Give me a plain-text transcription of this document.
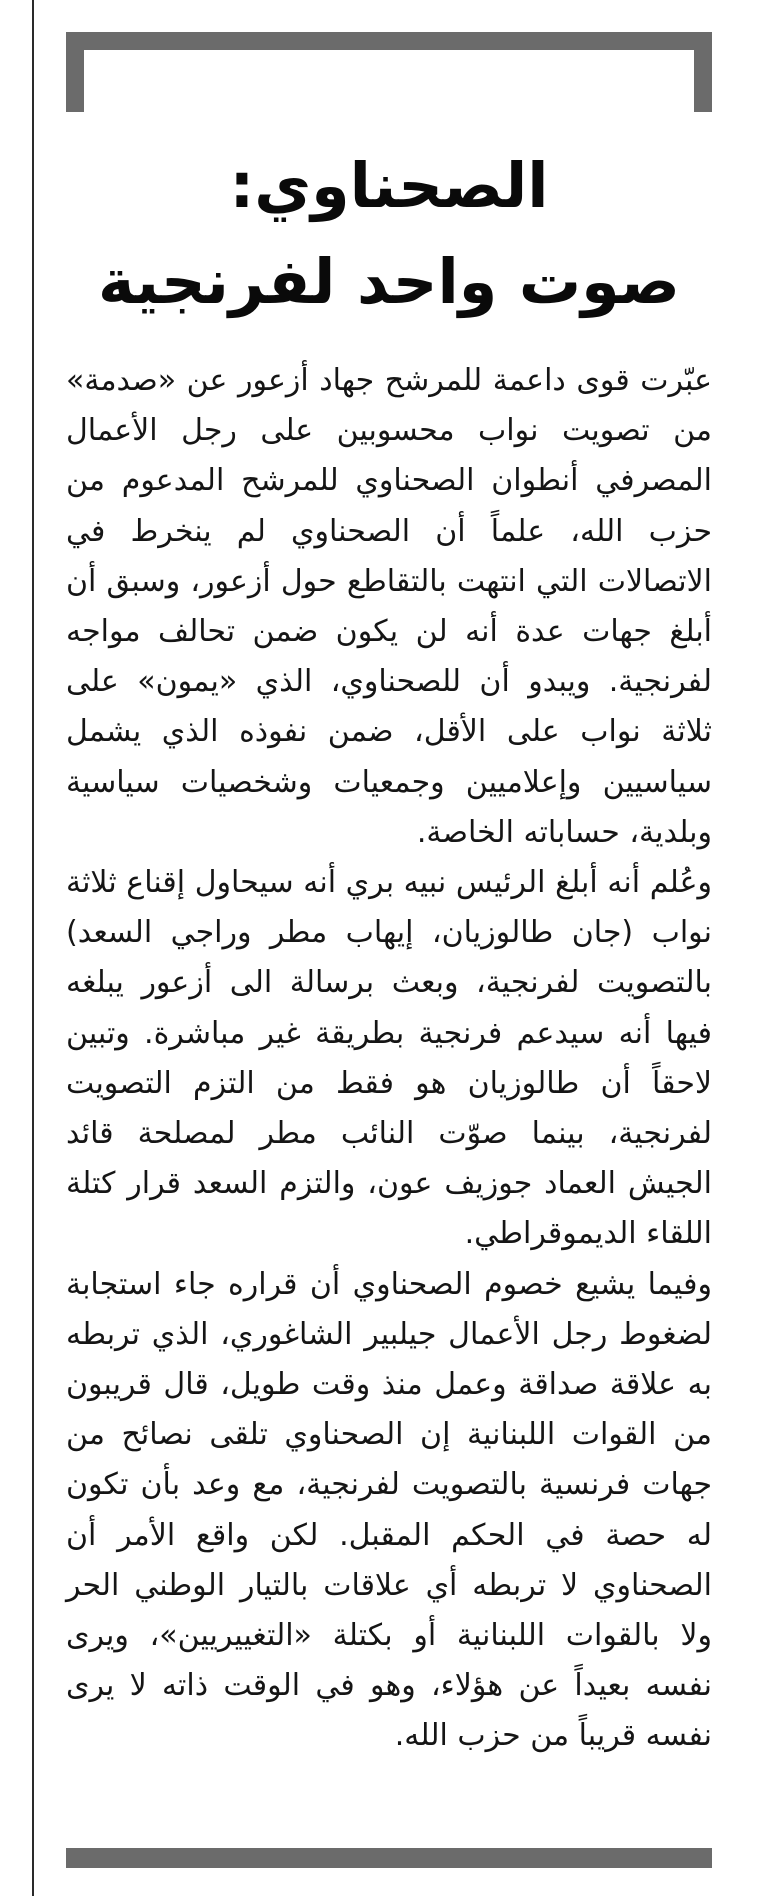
الصحناوي:
صوت واحد لفرنجية

عبّرت قوى داعمة للمرشح جهاد أزعور عن «صدمة» من تصويت نواب محسوبين على رجل الأعمال المصرفي أنطوان الصحناوي للمرشح المدعوم من حزب الله، علماً أن الصحناوي لم ينخرط في الاتصالات التي انتهت بالتقاطع حول أزعور، وسبق أن أبلغ جهات عدة أنه لن يكون ضمن تحالف مواجه لفرنجية. ويبدو أن للصحناوي، الذي «يمون» على ثلاثة نواب على الأقل، ضمن نفوذه الذي يشمل سياسيين وإعلاميين وجمعيات وشخصيات سياسية وبلدية، حساباته الخاصة.

وعُلم أنه أبلغ الرئيس نبيه بري أنه سيحاول إقناع ثلاثة نواب (جان طالوزيان، إيهاب مطر وراجي السعد) بالتصويت لفرنجية، وبعث برسالة الى أزعور يبلغه فيها أنه سيدعم فرنجية بطريقة غير مباشرة. وتبين لاحقاً أن طالوزيان هو فقط من التزم التصويت لفرنجية، بينما صوّت النائب مطر لمصلحة قائد الجيش العماد جوزيف عون، والتزم السعد قرار كتلة اللقاء الديموقراطي.

وفيما يشيع خصوم الصحناوي أن قراره جاء استجابة لضغوط رجل الأعمال جيلبير الشاغوري، الذي تربطه به علاقة صداقة وعمل منذ وقت طويل، قال قريبون من القوات اللبنانية إن الصحناوي تلقى نصائح من جهات فرنسية بالتصويت لفرنجية، مع وعد بأن تكون له حصة في الحكم المقبل. لكن واقع الأمر أن الصحناوي لا تربطه أي علاقات بالتيار الوطني الحر ولا بالقوات اللبنانية أو بكتلة «التغييريين»، ويرى نفسه بعيداً عن هؤلاء، وهو في الوقت ذاته لا يرى نفسه قريباً من حزب الله.
